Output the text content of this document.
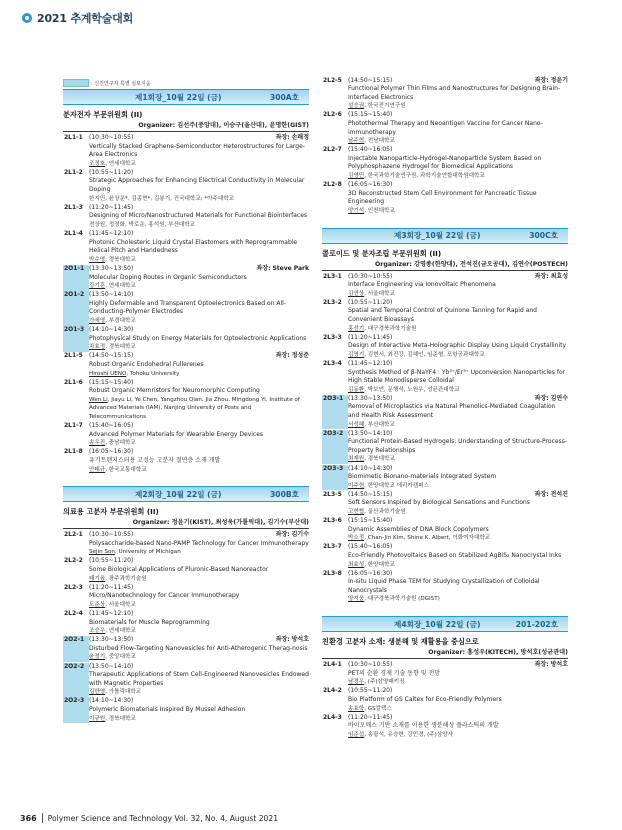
2021 추계학술대회
: 신진연구자 특별 심포지움
제1회장_10월 22일 (금)	300A호
분자전자 부문위원회 (II)
Organizer: 김선주(중앙대), 이승구(울산대), 윤명한(GIST)
2L1-1	(10:30~10:55)	좌장: 손해정
Vertically Stacked Graphene-Semiconductor Heterostructures for Large-Area Electronics
조정호, 연세대학교
2L1-2	(10:55~11:20)
Strategic Approaches for Enhancing Electrical Conductivity in Molecular Doping
한지민, 윤상운*, 김종현*, 김봉기, 건국대학교; *아주대학교
2L1-3	(11:20~11:45)
Designing of Micro/Nanostructured Materials for Functional Biointerfaces
전상원, 정정화, 박로운, 홍석원, 부산대학교
2L1-4	(11:45~12:10)
Photonic Cholesteric Liquid Crystal Elastomers with Reprogrammable Helical Pitch and Handedness
박수영, 경북대학교
2O1-1 (13:30~13:50)	좌장: Steve Park
Molecular Doping Routes in Organic Semiconductors
강기훈, 연세대학교
2O1-2 (13:50~14:10)
Highly Deformable and Transparent Optoelectronics Based on All-Conducting-Polymer Electrodes
가세영, 부경대학교
2O1-3 (14:10~14:30)
Photophysical Study on Energy Materials for Optoelectronic Applications
차효정, 경북대학교
2L1-5	(14:50~15:15)	좌장: 정성준
Robust Organic Endohedral Fullerenes
Hiroshi UENO, Tohoku University
2L1-6	(15:15~15:40)
Robust Organic Memristors for Neuromorphic Computing
Wen Li, Jiayu Li, Ye Chen, Yangzhou Qian, Jia Zhou, Mingdong Yi, Institute of Advanced Materials (IAM), Nanjing University of Posts and Telecommunications
2L1-7	(15:40~16:05)
Advanced Polymer Materials for Wearable Energy Devices
송우진, 충남대학교
2L1-8	(16:05~16:30)
유기트랜지스터용 고성능 고분자 절연층 소재 개발
안태규, 한국교통대학교
제2회장_10월 22일 (금)	300B호
의료용 고분자 부문위원회 (II)
Organizer: 정윤기(KIST), 최성욱(가톨릭대), 김기수(부산대)
2L2-1	(10:30~10:55)	좌장: 김기수
Polysaccharide-based Nano-PAMP Technology for Cancer Immunotherapy
Sejin Son, University of Michigan
2L2-2	(10:55~11:20)
Some Biological Applications of Pluronic-Based Nanoreactor
태기융, 광주과학기술원
2L2-3	(11:20~11:45)
Micro/Nanotechnology for Cancer Immunotherapy
도준상, 서울대학교
2L2-4	(11:45~12:10)
Biomaterials for Muscle Reprogramming
조승우, 연세대학교
2O2-1 (13:30~13:50)	좌장: 방석호
Disturbed Flow-Targeting Nanovesicles for Anti-Atherogenic Therag-nosis
윤정기, 중앙대학교
2O2-2 (13:50~14:10)
Therapeutic Applications of Stem Cell-Engineered Nanovesicles Endowed with Magnetic Properties
김한영, 가톨릭대학교
2O2-3 (14:10~14:30)
Polymeric Biomaterials Inspired By Mussel Adhesion
이규원, 경북대학교
2L2-5	(14:50~15:15)	좌장: 정윤기
Functional Polymer Thin Films and Nanostructures for Designing Brain-Interfaced Electronics
설승권, 한국전기연구원
2L2-6	(15:15~15:40)
Photothermal Therapy and Neoantigen Vaccine for Cancer Nano-immunotherapy
남주혁, 전남대학교
2L2-7	(15:40~16:05)
Injectable Nanoparticle-Hydrogel-Nanoparticle System Based on Polyphosphazene Hydrogel for Biomedical Applications
김영민, 한국과학기술연구원, 과학기술연합대학원대학교
2L2-8	(16:05~16:30)
3D Reconstructed Stem Cell Environment for Pancreatic Tissue Engineering
양기석, 인천대학교
제3회장_10월 22일 (금)	300C호
콜로이드 및 분자조립 부문위원회 (II)
Organizer: 강영종(한양대), 전석진(금오공대), 김연수(POSTECH)
2L3-1	(10:30~10:55)	좌장: 최효성
Interface Engineering via Ionovoltaic Phenomena
김연상, 서울대학교
2L3-2	(10:55~11:20)
Spatial and Temporal Control of Quinone Tanning for Rapid and Convenient Bioassays
홍선기, 대구경북과학기술원
2L3-3	(11:20~11:45)
Design of Interactive Meta-Holographic Display Using Liquid Crystallinity
김영기, 김현서, 최진강, 김혜인, 임준형, 포항공과대학교
2L3-4	(11:45~12:10)
Synthesis Method of β-NaYF4 : Yb³⁺/Er³⁺ Upconversion Nanoparticles for High Stable Monodisperse Colloidal
김동환, 박보언, 문행석, 노원우, 성균관대학교
2O3-1 (13:30~13:50)	좌장: 김연수
Removal of Microplastics via Natural Phenolics-Mediated Coagulation and Health Risk Assessment
서성혜, 부산대학교
2O3-2 (13:50~14:10)
Functional Protein-Based Hydrogels: Understanding of Structure-Process-Property Relationships
최재원, 경북대학교
2O3-3 (14:10~14:30)
Biomimetic Bionano-materials Integrated System
이주헌, 한양대학교 에리카캠퍼스
2L3-5	(14:50~15:15)	좌장: 전석진
Soft Sensors Inspired by Biological Sensations and Functions
고현협, 울산과학기술원
2L3-6	(15:15~15:40)
Dynamic Assemblies of DNA Block Copolymers
박소정, Chan-Jin Kim, Shine K. Albert, 이화여자대학교
2L3-7	(15:40~16:05)
Eco-Friendly Photovoltaics Based on Stabilized AgBiS₂ Nanocrystal Inks
최효성, 한양대학교
2L3-8	(16:05~16:30)
In-situ Liquid Phase TEM for Studying Crystallization of Colloidal Nanocrystals
양지웅, 대구경북과학기술원 (DGIST)
제4회장_10월 22일 (금)	201-202호
친환경 고분자 소재: 생분해 및 재활용을 중심으로
Organizer: 홍성우(KITECH), 방석호(성균관대)
2L4-1	(10:30~10:55)	좌장: 방석호
PET의 순환 경제 기술 동향 및 전망
남경우, (주)삼양패키징
2L4-2	(10:55~11:20)
Bio Platform of GS Caltex for Eco-Friendly Polymers
송효학, GS칼텍스
2L4-3	(11:20~11:45)
바이오매스 기반 소재를 이용한 생분해성 플라스틱의 개발
임준섭, 송광석, 유승현, 강민경, (주)삼양사
366 Polymer Science and Technology Vol. 32, No. 4, August 2021
